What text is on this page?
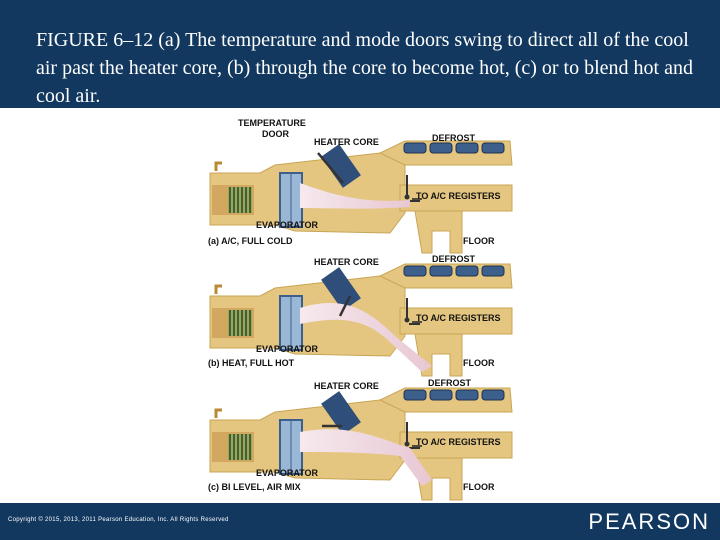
FIGURE 6–12 (a) The temperature and mode doors swing to direct all of the cool air past the heater core, (b) through the core to become hot, (c) or to blend hot and cool air.

TEMPERATURE
DOOR
HEATER CORE	DEFROST
TO A/C REGISTERS
EVAPORATOR
FLOOR
(a) A/C, FULL COLD
HEATER CORE	DEFROST
TO A/C REGISTERS
EVAPORATOR
FLOOR
(b) HEAT, FULL HOT
HEATER CORE	DEFROST
TO A/C REGISTERS
EVAPORATOR
FLOOR
(c) BI LEVEL, AIR MIX
Copyright © 2015, 2013, 2011 Pearson Education, Inc. All Rights Reserved	PEARSON
